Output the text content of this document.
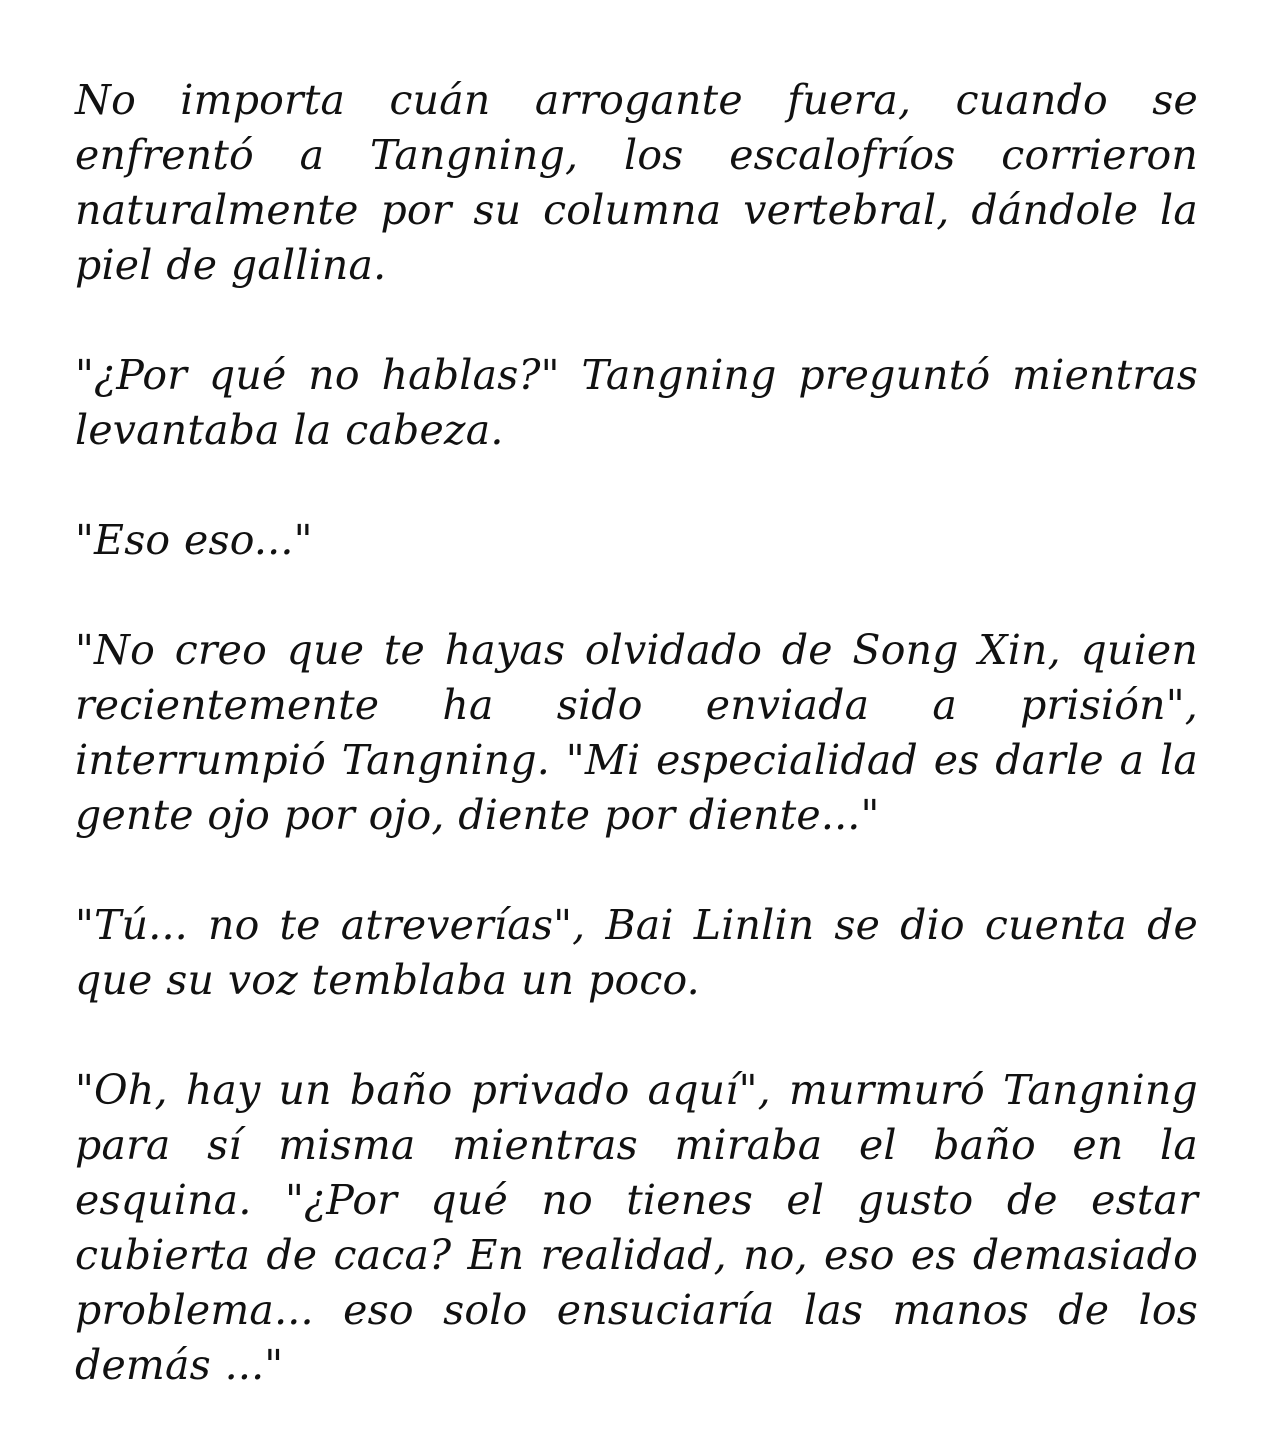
No importa cuán arrogante fuera, cuando se enfrentó a Tangning, los escalofríos corrieron naturalmente por su columna vertebral, dándole la piel de gallina.

"¿Por qué no hablas?" Tangning preguntó mientras levantaba la cabeza.

"Eso eso..."

"No creo que te hayas olvidado de Song Xin, quien recientemente ha sido enviada a prisión", interrumpió Tangning. "Mi especialidad es darle a la gente ojo por ojo, diente por diente..."

"Tú... no te atreverías", Bai Linlin se dio cuenta de que su voz temblaba un poco.

"Oh, hay un baño privado aquí", murmuró Tangning para sí misma mientras miraba el baño en la esquina. "¿Por qué no tienes el gusto de estar cubierta de caca? En realidad, no, eso es demasiado problema... eso solo ensuciaría las manos de los demás ..."
